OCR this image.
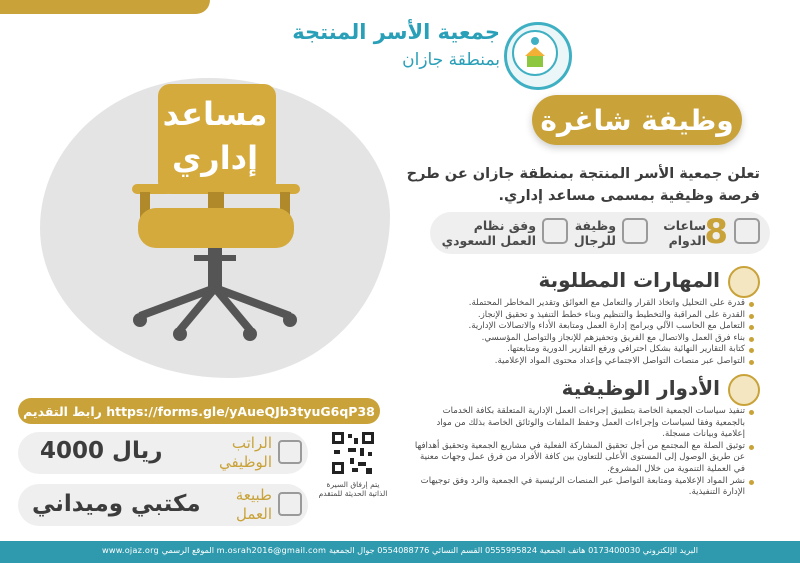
جمعية الأسر المنتجة
بمنطقة جازان
مساعد
إداري
وظيفة شاغرة
تعلن جمعية الأسر المنتجة بمنطقة جازان عن طرح فرصة وظيفية بمسمى مساعد إداري.
8
ساعات
الدوام
وظيفة
للرجال
وفق نظام
العمل السعودي
المهارات المطلوبة
قدرة على التحليل واتخاذ القرار والتعامل مع العوائق وتقدير المخاطر المحتملة.
القدرة على المراقبة والتخطيط والتنظيم وبناء خطط التنفيذ و تحقيق الإنجاز.
التعامل مع الحاسب الآلي وبرامج إدارة العمل ومتابعة الأداء والاتصالات الإدارية.
بناء فرق العمل والاتصال مع الفريق وتحفيزهم للإنجاز والتواصل المؤسسي.
كتابة التقارير النهائية بشكل احترافي ورفع التقارير الدورية ومتابعتها.
التواصل عبر منصات التواصل الاجتماعي وإعداد محتوى المواد الإعلامية.
الأدوار الوظيفية
تنفيذ سياسات الجمعية الخاصة بتطبيق إجراءات العمل الإدارية المتعلقة بكافة الخدمات بالجمعية وفقا لسياسات وإجراءات العمل وحفظ الملفات والوثائق الخاصة بذلك من مواد إعلامية وبيانات مسجلة.
توثيق الصلة مع المجتمع من أجل تحقيق المشاركة الفعلية في مشاريع الجمعية وتحقيق أهدافها عن طريق الوصول إلى المستوى الأعلى للتعاون بين كافة الأفراد من فرق عمل وجهات معنية في العملية التنموية من خلال المشروع.
نشر المواد الإعلامية ومتابعة التواصل عبر المنصات الرئيسية في الجمعية والرد وفق توجيهات الإدارة التنفيذية.
رابط التقديم https://forms.gle/yAueQJb3tyuG6qP38
4000 ريال	الراتب
الوظيفي
مكتبي وميداني	طبيعة
العمل
يتم إرفاق السيرة الذاتية الحديثة للمتقدم
www.ojaz.org الموقع الرسمي m.osrah2016@gmail.com البريد الإلكتروني 0173400030 هاتف الجمعية 0555995824 القسم النسائي 0554088776 جوال الجمعية
